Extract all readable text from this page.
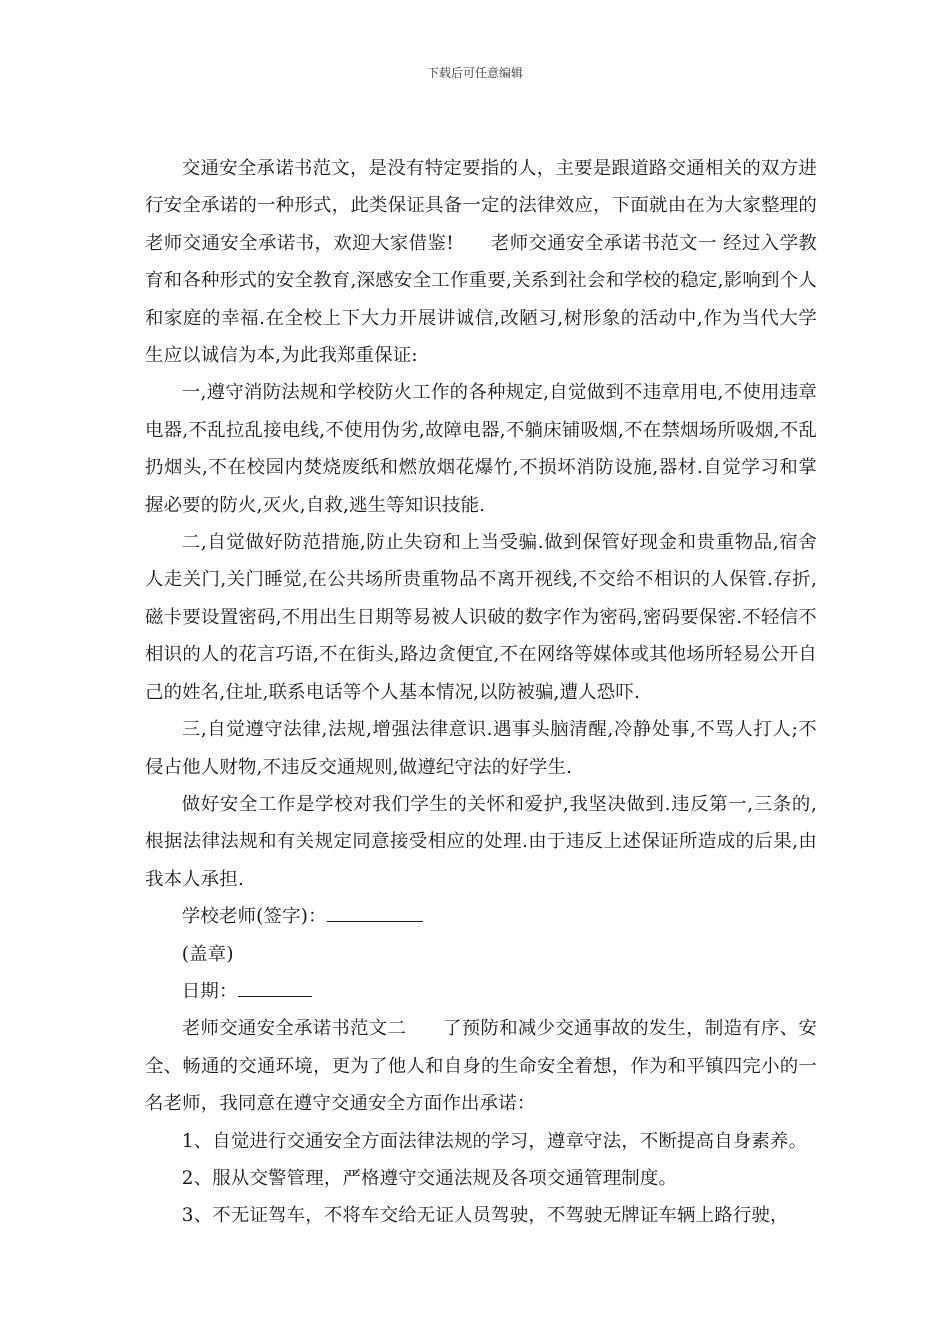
下载后可任意编辑

交通安全承诺书范文，是没有特定要指的人，主要是跟道路交通相关的双方进行安全承诺的一种形式，此类保证具备一定的法律效应，下面就由在为大家整理的老师交通安全承诺书，欢迎大家借鉴! 老师交通安全承诺书范文一 经过入学教育和各种形式的安全教育,深感安全工作重要,关系到社会和学校的稳定,影响到个人和家庭的幸福.在全校上下大力开展讲诚信,改陋习,树形象的活动中,作为当代大学生应以诚信为本,为此我郑重保证:

一,遵守消防法规和学校防火工作的各种规定,自觉做到不违章用电,不使用违章电器,不乱拉乱接电线,不使用伪劣,故障电器,不躺床铺吸烟,不在禁烟场所吸烟,不乱扔烟头,不在校园内焚烧废纸和燃放烟花爆竹,不损坏消防设施,器材.自觉学习和掌握必要的防火,灭火,自救,逃生等知识技能.

二,自觉做好防范措施,防止失窃和上当受骗.做到保管好现金和贵重物品,宿舍人走关门,关门睡觉,在公共场所贵重物品不离开视线,不交给不相识的人保管.存折,磁卡要设置密码,不用出生日期等易被人识破的数字作为密码,密码要保密.不轻信不相识的人的花言巧语,不在街头,路边贪便宜,不在网络等媒体或其他场所轻易公开自己的姓名,住址,联系电话等个人基本情况,以防被骗,遭人恐吓.

三,自觉遵守法律,法规,增强法律意识.遇事头脑清醒,冷静处事,不骂人打人;不侵占他人财物,不违反交通规则,做遵纪守法的好学生.

做好安全工作是学校对我们学生的关怀和爱护,我坚决做到.违反第一,三条的,根据法律法规和有关规定同意接受相应的处理.由于违反上述保证所造成的后果,由我本人承担.

学校老师(签字)：

(盖章)

日期：

老师交通安全承诺书范文二 了预防和减少交通事故的发生，制造有序、安全、畅通的交通环境，更为了他人和自身的生命安全着想，作为和平镇四完小的一名老师，我同意在遵守交通安全方面作出承诺：

1、自觉进行交通安全方面法律法规的学习，遵章守法，不断提高自身素养。

2、服从交警管理，严格遵守交通法规及各项交通管理制度。

3、不无证驾车，不将车交给无证人员驾驶，不驾驶无牌证车辆上路行驶，
